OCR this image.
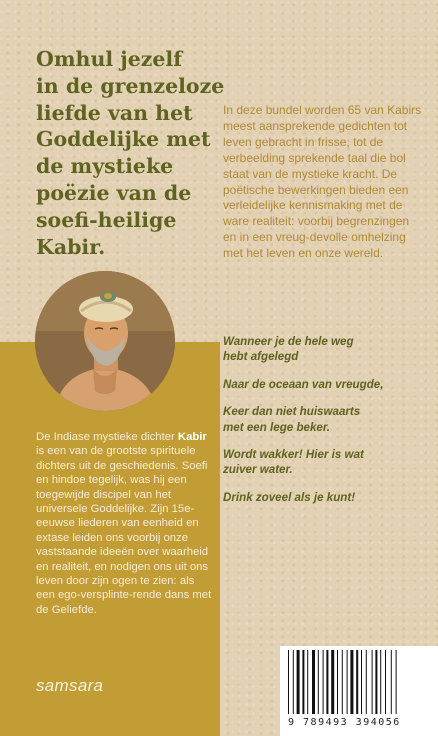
Omhul jezelf
in de grenzeloze
liefde van het
Goddelijke met
de mystieke
poëzie van de
soefi-heilige
Kabir.

In deze bundel worden 65 van Kabirs meest aansprekende gedichten tot leven gebracht in frisse, tot de verbeelding sprekende taal die bol staat van de mystieke kracht. De poëtische bewerkingen bieden een verleidelijke kennismaking met de ware realiteit: voorbij begrenzingen en in een vreug-devolle omhelzing met het leven en onze wereld.

De Indiase mystieke dichter Kabir is een van de grootste spirituele dichters uit de geschiedenis. Soefi en hindoe tegelijk, was hij een toegewijde discipel van het universele Goddelijke. Zijn 15e-eeuwse liederen van eenheid en extase leiden ons voorbij onze vaststaande ideeën over waarheid en realiteit, en nodigen ons uit ons leven door zijn ogen te zien: als een ego-versplinte-rende dans met de Geliefde.

samsara

Wanneer je de hele weg
hebt afgelegd

Naar de oceaan van vreugde,

Keer dan niet huiswaarts
met een lege beker.

Wordt wakker! Hier is wat
zuiver water.

Drink zoveel als je kunt!

9 789493 394056
